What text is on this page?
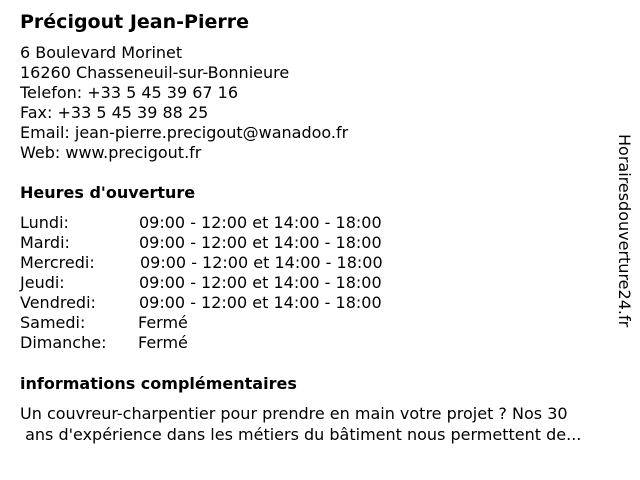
Précigout Jean-Pierre
6 Boulevard Morinet
16260 Chasseneuil-sur-Bonnieure
Telefon: +33 5 45 39 67 16
Fax: +33 5 45 39 88 25
Email: jean-pierre.precigout@wanadoo.fr
Web: www.precigout.fr
Heures d'ouverture
Lundi:	09:00 - 12:00 et 14:00 - 18:00
Mardi:	09:00 - 12:00 et 14:00 - 18:00
Mercredi:	09:00 - 12:00 et 14:00 - 18:00
Jeudi:	09:00 - 12:00 et 14:00 - 18:00
Vendredi:	09:00 - 12:00 et 14:00 - 18:00
Samedi:	Fermé
Dimanche: Fermé
informations complémentaires
Un couvreur-charpentier pour prendre en main votre projet ? Nos 30
ans d'expérience dans les métiers du bâtiment nous permettent de...
Horairesdouverture24.fr
